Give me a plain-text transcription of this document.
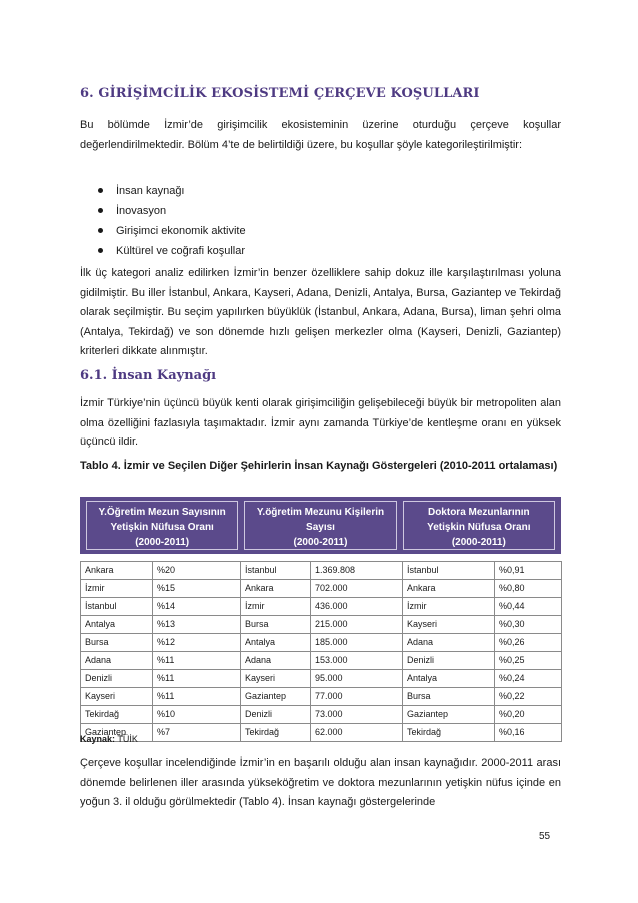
6. GİRİŞİMCİLİK EKOSİSTEMİ ÇERÇEVE KOŞULLARI

Bu bölümde İzmir’de girişimcilik ekosisteminin üzerine oturduğu çerçeve koşullar değerlendirilmektedir. Bölüm 4’te de belirtildiği üzere, bu koşullar şöyle kategorileştirilmiştir:

İnsan kaynağı
İnovasyon
Girişimci ekonomik aktivite
Kültürel ve coğrafi koşullar

İlk üç kategori analiz edilirken İzmir’in benzer özelliklere sahip dokuz ille karşılaştırılması yoluna gidilmiştir. Bu iller İstanbul, Ankara, Kayseri, Adana, Denizli, Antalya, Bursa, Gaziantep ve Tekirdağ olarak seçilmiştir. Bu seçim yapılırken büyüklük (İstanbul, Ankara, Adana, Bursa), liman şehri olma (Antalya, Tekirdağ) ve son dönemde hızlı gelişen merkezler olma (Kayseri, Denizli, Gaziantep) kriterleri dikkate alınmıştır.

6.1. İnsan Kaynağı

İzmir Türkiye’nin üçüncü büyük kenti olarak girişimciliğin gelişebileceği büyük bir metropoliten alan olma özelliğini fazlasıyla taşımaktadır. İzmir aynı zamanda Türkiye’de kentleşme oranı en yüksek üçüncü ildir.

Tablo 4. İzmir ve Seçilen Diğer Şehirlerin İnsan Kaynağı Göstergeleri (2010-2011 ortalaması)

Y.Öğretim Mezun Sayısının
Yetişkin Nüfusa Oranı
(2000-2011)
Y.öğretim Mezunu Kişilerin
Sayısı
(2000-2011)
Doktora Mezunlarının
Yetişkin Nüfusa Oranı
(2000-2011)

Ankara	%20	İstanbul	1.369.808	İstanbul	%0,91
İzmir	%15	Ankara	702.000	Ankara	%0,80
İstanbul	%14	İzmir	436.000	İzmir	%0,44
Antalya	%13	Bursa	215.000	Kayseri	%0,30
Bursa	%12	Antalya	185.000	Adana	%0,26
Adana	%11	Adana	153.000	Denizli	%0,25
Denizli	%11	Kayseri	95.000	Antalya	%0,24
Kayseri	%11	Gaziantep	77.000	Bursa	%0,22
Tekirdağ	%10	Denizli	73.000	Gaziantep	%0,20
Gaziantep	%7	Tekirdağ	62.000	Tekirdağ	%0,16

Kaynak: TÜİK

Çerçeve koşullar incelendiğinde İzmir’in en başarılı olduğu alan insan kaynağıdır. 2000-2011 arası dönemde belirlenen iller arasında yükseköğretim ve doktora mezunlarının yetişkin nüfus içinde en yoğun 3. il olduğu görülmektedir (Tablo 4). İnsan kaynağı göstergelerinde

55
